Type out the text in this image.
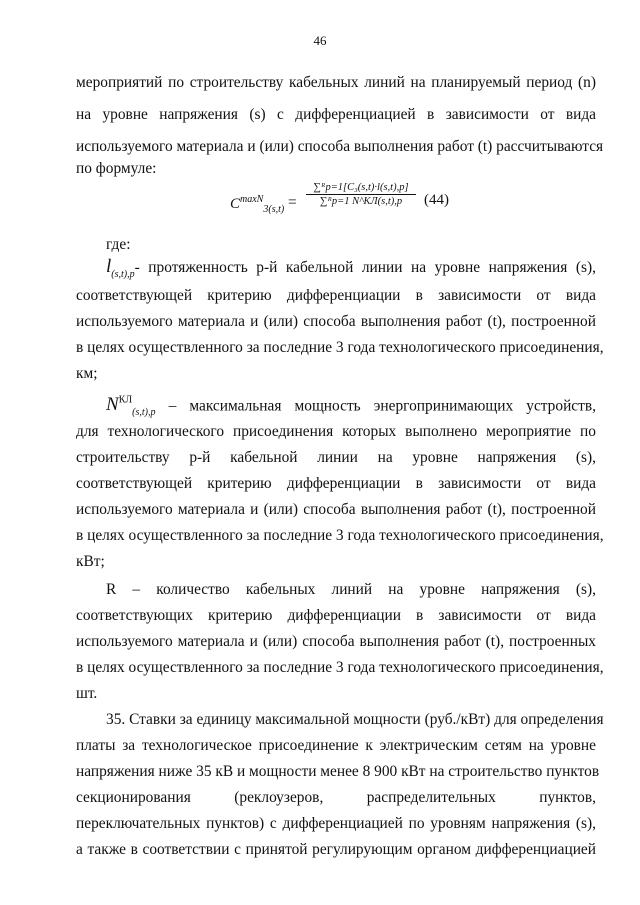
46
мероприятий по строительству кабельных линий на планируемый период (n)
на уровне напряжения (s) с дифференциацией в зависимости от вида
используемого материала и (или) способа выполнения работ (t) рассчитываются
по формуле:
$C^{maxN}_{3(s,t)}$ =
∑ᴿp=1[C₃(s,t)·l(s,t),p]
∑ᴿp=1 N^КЛ(s,t),p	(44)
где:
$l_{(s,t),p}-$ протяженность p-й кабельной линии на уровне напряжения (s),
соответствующей критерию дифференциации в зависимости от вида
используемого материала и (или) способа выполнения работ (t), построенной
в целях осуществленного за последние 3 года технологического присоединения,
км;
$N^{КЛ}_{(s,t),p}$ – максимальная мощность энергопринимающих устройств,
для технологического присоединения которых выполнено мероприятие по
строительству p-й кабельной линии на уровне напряжения (s),
соответствующей критерию дифференциации в зависимости от вида
используемого материала и (или) способа выполнения работ (t), построенной
в целях осуществленного за последние 3 года технологического присоединения,
кВт;
R – количество кабельных линий на уровне напряжения (s),
соответствующих критерию дифференциации в зависимости от вида
используемого материала и (или) способа выполнения работ (t), построенных
в целях осуществленного за последние 3 года технологического присоединения,
шт.
35. Ставки за единицу максимальной мощности (руб./кВт) для определения
платы за технологическое присоединение к электрическим сетям на уровне
напряжения ниже 35 кВ и мощности менее 8 900 кВт на строительство пунктов
секционирования (реклоузеров, распределительных пунктов,
переключательных пунктов) с дифференциацией по уровням напряжения (s),
а также в соответствии с принятой регулирующим органом дифференциацией
